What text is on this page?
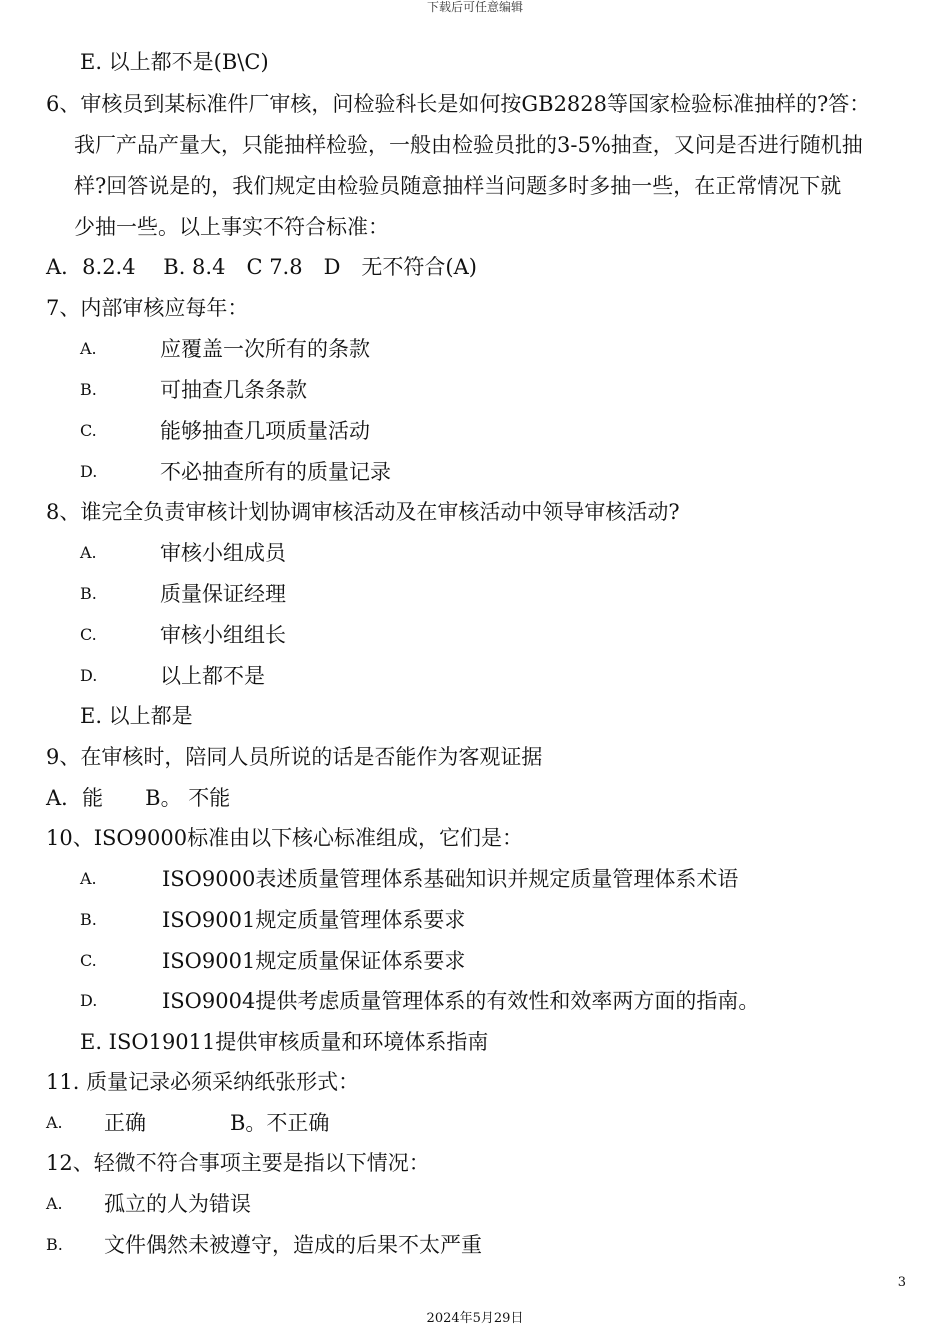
下载后可任意编辑
E. 以上都不是(B\C)
6、审核员到某标准件厂审核，问检验科长是如何按GB2828等国家检验标准抽样的?答：
我厂产品产量大，只能抽样检验，一般由检验员批的3-5%抽查，又问是否进行随机抽
样?回答说是的，我们规定由检验员随意抽样当问题多时多抽一些，在正常情况下就
少抽一些。以上事实不符合标准：
A．8.2.4　 B. 8.4　C 7.8　D　无不符合(A)
7、内部审核应每年：
A.	应覆盖一次所有的条款
B.	可抽查几条条款
C.	能够抽查几项质量活动
D.	不必抽查所有的质量记录
8、谁完全负责审核计划协调审核活动及在审核活动中领导审核活动?
A.	审核小组成员
B.	质量保证经理
C.	审核小组组长
D.	以上都不是
E. 以上都是
9、在审核时，陪同人员所说的话是否能作为客观证据
A．能　　B。 不能
10、ISO9000标准由以下核心标准组成，它们是：
A.	ISO9000表述质量管理体系基础知识并规定质量管理体系术语
B.	ISO9001规定质量管理体系要求
C.	ISO9001规定质量保证体系要求
D.	ISO9004提供考虑质量管理体系的有效性和效率两方面的指南。
E. ISO19011提供审核质量和环境体系指南
11. 质量记录必须采纳纸张形式：
A.	正确　　　　B。不正确
12、轻微不符合事项主要是指以下情况：
A.	孤立的人为错误
B.	文件偶然未被遵守，造成的后果不太严重
3
2024年5月29日
